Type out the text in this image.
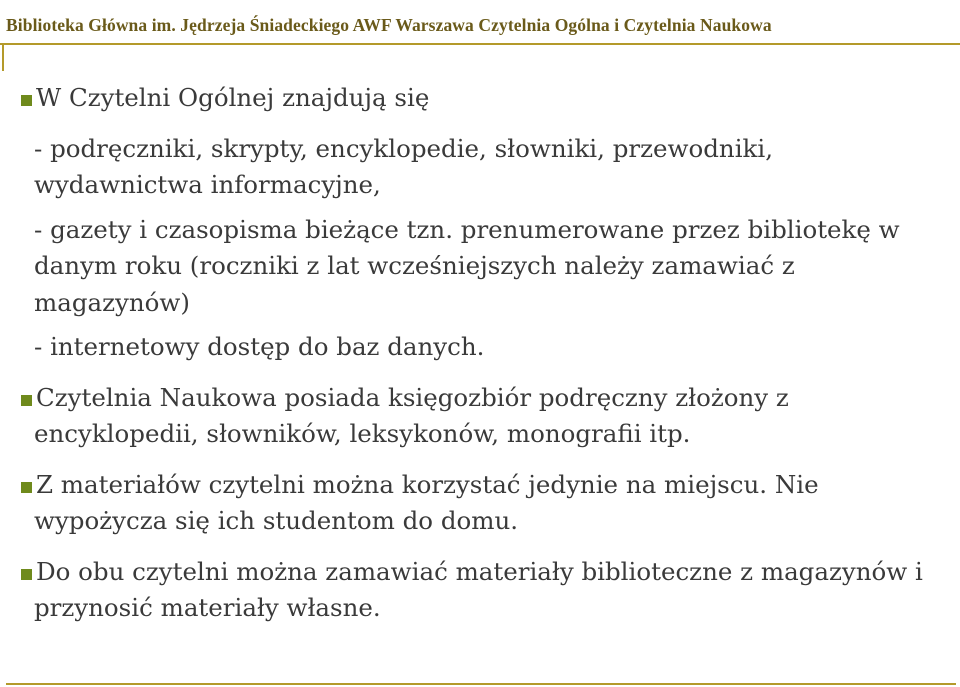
Biblioteka Główna im. Jędrzeja Śniadeckiego AWF Warszawa Czytelnia Ogólna i Czytelnia Naukowa

W Czytelni Ogólnej znajdują się

- podręczniki, skrypty, encyklopedie, słowniki, przewodniki, wydawnictwa informacyjne,

- gazety i czasopisma bieżące tzn. prenumerowane przez bibliotekę w danym roku (roczniki z lat wcześniejszych należy zamawiać z magazynów)

- internetowy dostęp do baz danych.

Czytelnia Naukowa posiada księgozbiór podręczny złożony z encyklopedii, słowników, leksykonów, monografii itp.

Z materiałów czytelni można korzystać jedynie na miejscu. Nie wypożycza się ich studentom do domu.

Do obu czytelni można zamawiać materiały biblioteczne z magazynów i przynosić materiały własne.
